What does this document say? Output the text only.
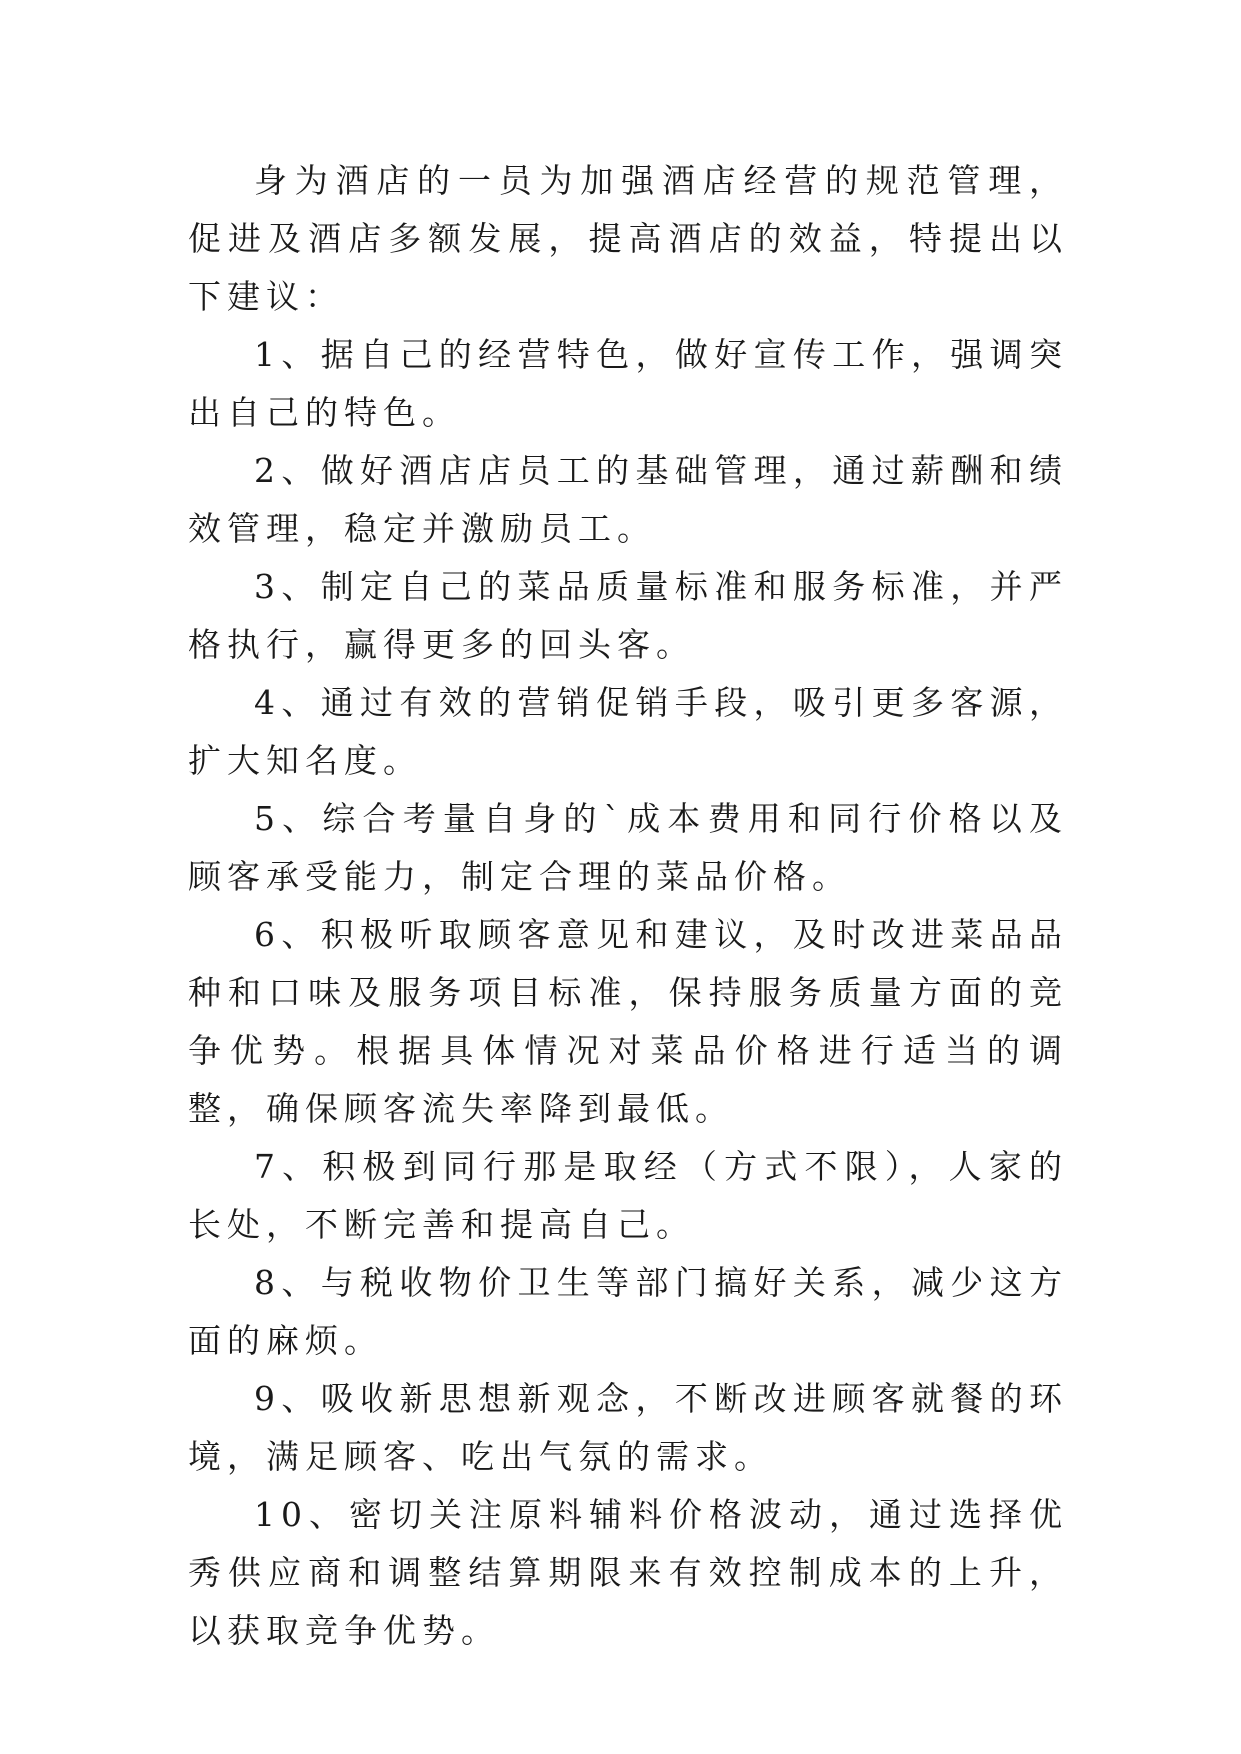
身为酒店的一员为加强酒店经营的规范管理，促进及酒店多额发展，提高酒店的效益，特提出以下建议：

1、据自己的经营特色，做好宣传工作，强调突出自己的特色。

2、做好酒店店员工的基础管理，通过薪酬和绩效管理，稳定并激励员工。

3、制定自己的菜品质量标准和服务标准，并严格执行，赢得更多的回头客。

4、通过有效的营销促销手段，吸引更多客源，扩大知名度。

5、综合考量自身的`成本费用和同行价格以及顾客承受能力，制定合理的菜品价格。

6、积极听取顾客意见和建议，及时改进菜品品种和口味及服务项目标准，保持服务质量方面的竞争优势。根据具体情况对菜品价格进行适当的调整，确保顾客流失率降到最低。

7、积极到同行那是取经（方式不限），人家的长处，不断完善和提高自己。

8、与税收物价卫生等部门搞好关系，减少这方面的麻烦。

9、吸收新思想新观念，不断改进顾客就餐的环境，满足顾客、吃出气氛的需求。

10、密切关注原料辅料价格波动，通过选择优秀供应商和调整结算期限来有效控制成本的上升，以获取竞争优势。
